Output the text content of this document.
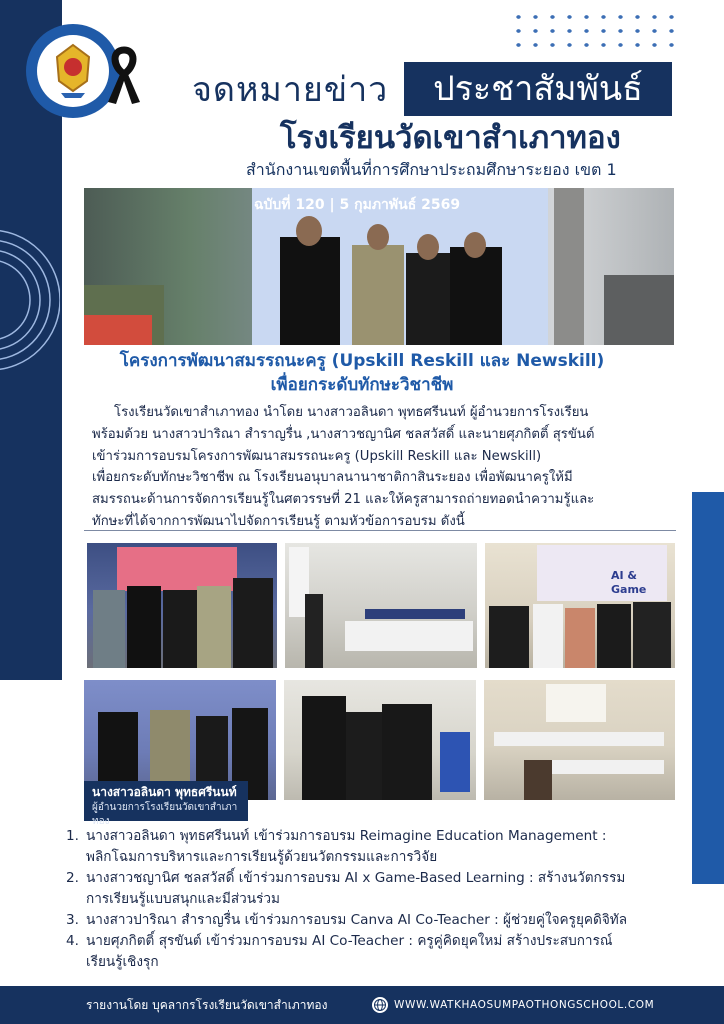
จดหมายข่าว	ประชาสัมพันธ์
โรงเรียนวัดเขาสำเภาทอง
สำนักงานเขตพื้นที่การศึกษาประถมศึกษาระยอง เขต 1
ฉบับที่ 120 | 5 กุมภาพันธ์ 2569
โครงการพัฒนาสมรรถนะครู (Upskill Reskill และ Newskill)
เพื่อยกระดับทักษะวิชาชีพ

โรงเรียนวัดเขาสำเภาทอง นำโดย นางสาวอลินดา พุทธศรีนนท์ ผู้อำนวยการโรงเรียน

พร้อมด้วย นางสาวปาริณา สำราญรื่น ,นางสาวชญานิศ ชลสวัสดิ์ และนายศุภกิตติ์ สุรขันต์

เข้าร่วมการอบรมโครงการพัฒนาสมรรถนะครู (Upskill Reskill และ Newskill)

เพื่อยกระดับทักษะวิชาชีพ ณ โรงเรียนอนุบาลนานาชาติกาสินระยอง เพื่อพัฒนาครูให้มี

สมรรถนะด้านการจัดการเรียนรู้ในศตวรรษที่ 21 และให้ครูสามารถถ่ายทอดนำความรู้และ

ทักษะที่ได้จากการพัฒนาไปจัดการเรียนรู้ ตามหัวข้อการอบรม ดังนี้

AI & Game
นางสาวอลินดา พุทธศรีนนท์
ผู้อำนวยการโรงเรียนวัดเขาสำเภาทอง
1. นางสาวอลินดา พุทธศรีนนท์ เข้าร่วมการอบรม Reimagine Education Management :
พลิกโฉมการบริหารและการเรียนรู้ด้วยนวัตกรรมและการวิจัย
2. นางสาวชญานิศ ชลสวัสดิ์ เข้าร่วมการอบรม AI x Game-Based Learning : สร้างนวัตกรรม
การเรียนรู้แบบสนุกและมีส่วนร่วม
3. นางสาวปาริณา สำราญรื่น เข้าร่วมการอบรม Canva AI Co-Teacher : ผู้ช่วยคู่ใจครูยุคดิจิทัล
4. นายศุภกิตติ์ สุรขันต์ เข้าร่วมการอบรม AI Co-Teacher : ครูคู่คิดยุคใหม่ สร้างประสบการณ์
เรียนรู้เชิงรุก
รายงานโดย บุคลากรโรงเรียนวัดเขาสำเภาทอง	WWW.WATKHAOSUMPAOTHONGSCHOOL.COM
